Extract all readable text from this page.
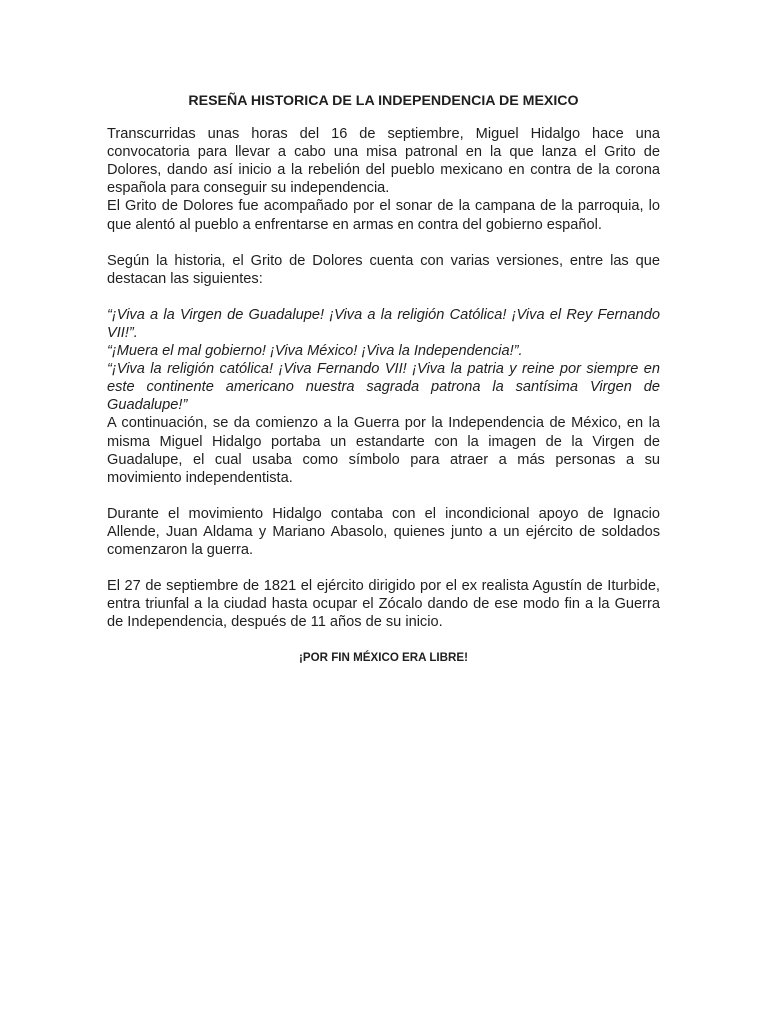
RESEÑA HISTORICA DE LA INDEPENDENCIA DE MEXICO

Transcurridas unas horas del 16 de septiembre, Miguel Hidalgo hace una convocatoria para llevar a cabo una misa patronal en la que lanza el Grito de Dolores, dando así inicio a la rebelión del pueblo mexicano en contra de la corona española para conseguir su independencia.

El Grito de Dolores fue acompañado por el sonar de la campana de la parroquia, lo que alentó al pueblo a enfrentarse en armas en contra del gobierno español.

Según la historia, el Grito de Dolores cuenta con varias versiones, entre las que destacan las siguientes:

“¡Viva a la Virgen de Guadalupe! ¡Viva a la religión Católica! ¡Viva el Rey Fernando VII!”.

“¡Muera el mal gobierno! ¡Viva México! ¡Viva la Independencia!”.

“¡Viva la religión católica! ¡Viva Fernando VII! ¡Viva la patria y reine por siempre en este continente americano nuestra sagrada patrona la santísima Virgen de Guadalupe!”

A continuación, se da comienzo a la Guerra por la Independencia de México, en la misma Miguel Hidalgo portaba un estandarte con la imagen de la Virgen de Guadalupe, el cual usaba como símbolo para atraer a más personas a su movimiento independentista.

Durante el movimiento Hidalgo contaba con el incondicional apoyo de Ignacio Allende, Juan Aldama y Mariano Abasolo, quienes junto a un ejército de soldados comenzaron la guerra.

El 27 de septiembre de 1821 el ejército dirigido por el ex realista Agustín de Iturbide, entra triunfal a la ciudad hasta ocupar el Zócalo dando de ese modo fin a la Guerra de Independencia, después de 11 años de su inicio.

¡POR FIN MÉXICO ERA LIBRE!
